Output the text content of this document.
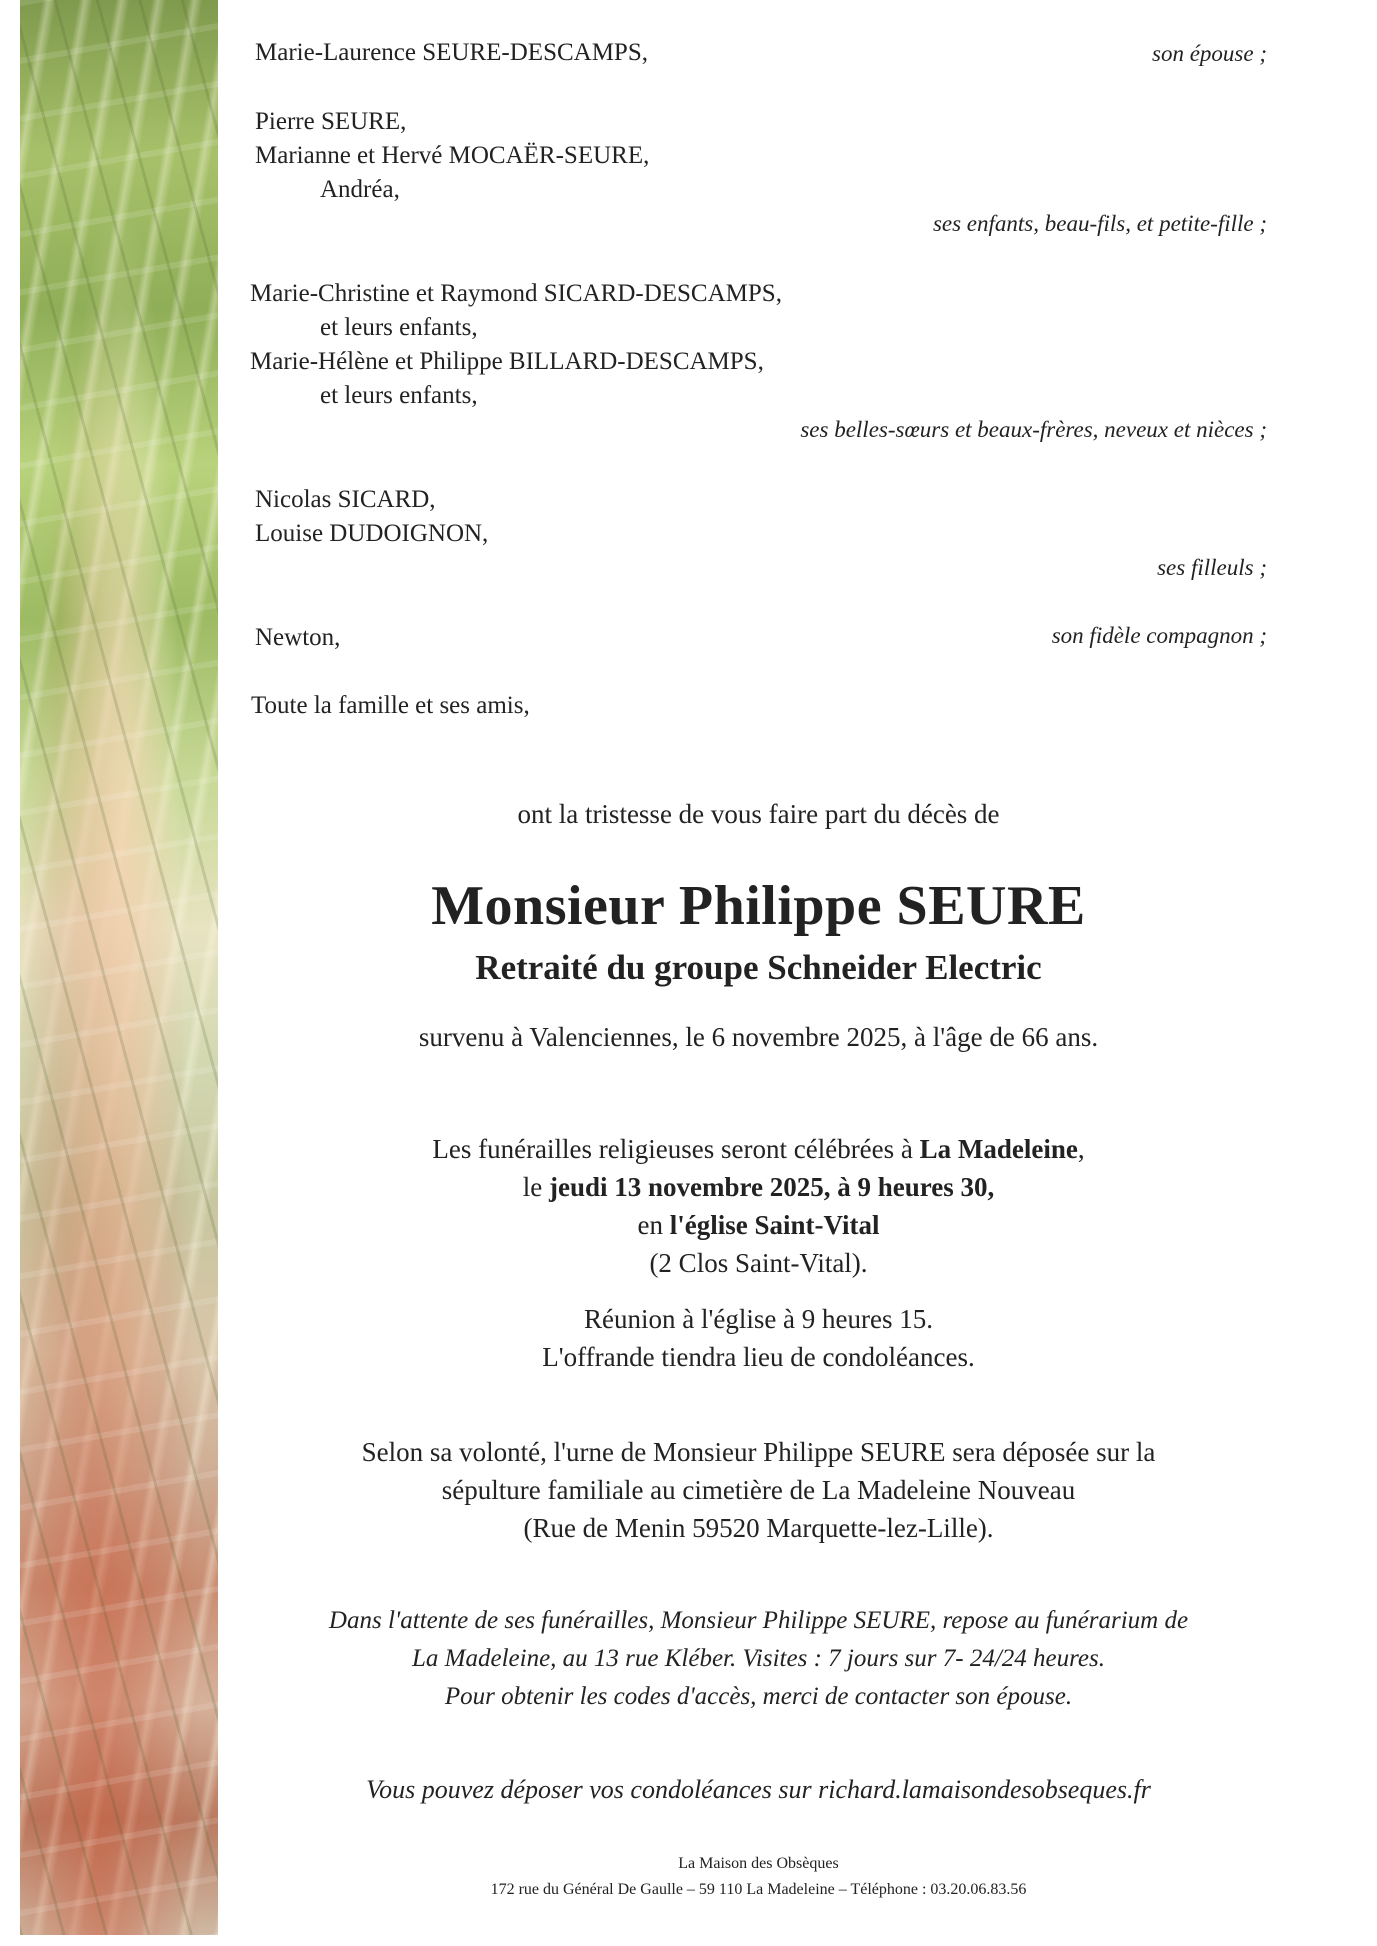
Marie-Laurence SEURE-DESCAMPS,	son épouse ;
Pierre SEURE,
Marianne et Hervé MOCAËR-SEURE,
Andréa,
ses enfants, beau-fils, et petite-fille ;
Marie-Christine et Raymond SICARD-DESCAMPS,
et leurs enfants,
Marie-Hélène et Philippe BILLARD-DESCAMPS,
et leurs enfants,
ses belles-sœurs et beaux-frères, neveux et nièces ;
Nicolas SICARD,
Louise DUDOIGNON,
ses filleuls ;
Newton,	son fidèle compagnon ;
Toute la famille et ses amis,
ont la tristesse de vous faire part du décès de
Monsieur Philippe SEURE
Retraité du groupe Schneider Electric
survenu à Valenciennes, le 6 novembre 2025, à l'âge de 66 ans.
Les funérailles religieuses seront célébrées à La Madeleine,
le jeudi 13 novembre 2025, à 9 heures 30,
en l'église Saint-Vital
(2 Clos Saint-Vital).
Réunion à l'église à 9 heures 15.
L'offrande tiendra lieu de condoléances.
Selon sa volonté, l'urne de Monsieur Philippe SEURE sera déposée sur la
sépulture familiale au cimetière de La Madeleine Nouveau
(Rue de Menin 59520 Marquette-lez-Lille).
Dans l'attente de ses funérailles, Monsieur Philippe SEURE, repose au funérarium de
La Madeleine, au 13 rue Kléber. Visites : 7 jours sur 7- 24/24 heures.
Pour obtenir les codes d'accès, merci de contacter son épouse.
Vous pouvez déposer vos condoléances sur richard.lamaisondesobseques.fr
La Maison des Obsèques
172 rue du Général De Gaulle – 59 110 La Madeleine – Téléphone : 03.20.06.83.56
